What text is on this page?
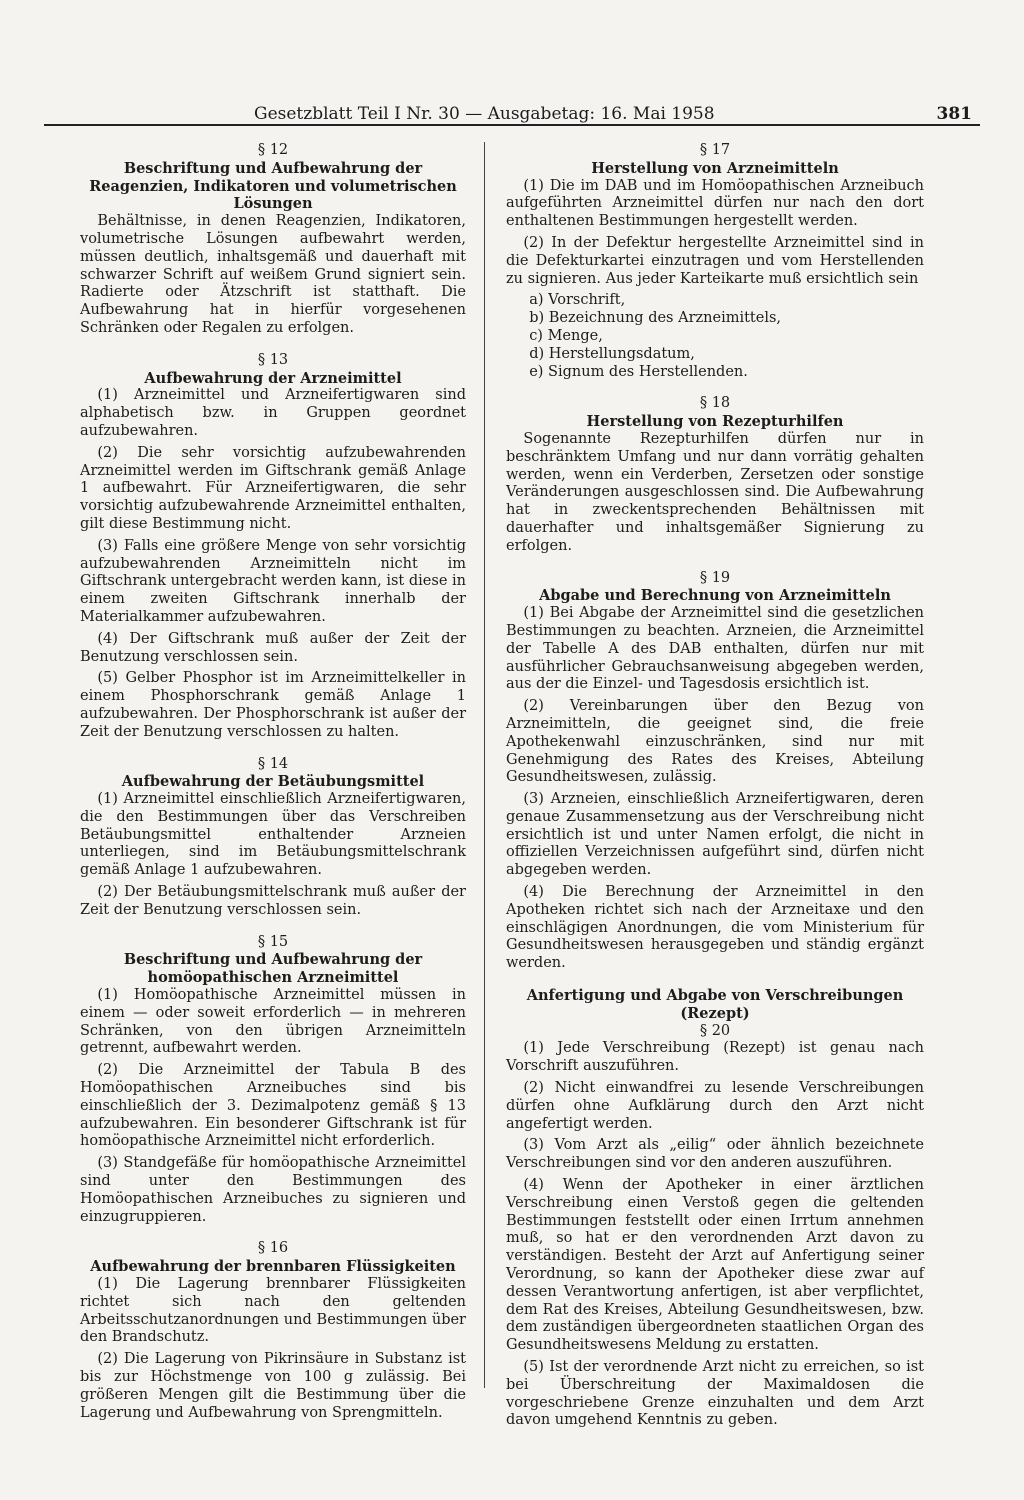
Gesetzblatt Teil I Nr. 30 — Ausgabetag: 16. Mai 1958	381

§ 12

Beschriftung und Aufbewahrung der Reagenzien, Indikatoren und volumetrischen Lösungen

Behältnisse, in denen Reagenzien, Indikatoren, volumetrische Lösungen aufbewahrt werden, müssen deutlich, inhaltsgemäß und dauerhaft mit schwarzer Schrift auf weißem Grund signiert sein. Radierte oder Ätzschrift ist statthaft. Die Aufbewahrung hat in hierfür vorgesehenen Schränken oder Regalen zu erfolgen.

§ 13

Aufbewahrung der Arzneimittel

(1) Arzneimittel und Arzneifertigwaren sind alphabetisch bzw. in Gruppen geordnet aufzubewahren.

(2) Die sehr vorsichtig aufzubewahrenden Arzneimittel werden im Giftschrank gemäß Anlage 1 aufbewahrt. Für Arzneifertigwaren, die sehr vorsichtig aufzubewahrende Arzneimittel enthalten, gilt diese Bestimmung nicht.

(3) Falls eine größere Menge von sehr vorsichtig aufzubewahrenden Arzneimitteln nicht im Giftschrank untergebracht werden kann, ist diese in einem zweiten Giftschrank innerhalb der Materialkammer aufzubewahren.

(4) Der Giftschrank muß außer der Zeit der Benutzung verschlossen sein.

(5) Gelber Phosphor ist im Arzneimittelkeller in einem Phosphorschrank gemäß Anlage 1 aufzubewahren. Der Phosphorschrank ist außer der Zeit der Benutzung verschlossen zu halten.

§ 14

Aufbewahrung der Betäubungsmittel

(1) Arzneimittel einschließlich Arzneifertigwaren, die den Bestimmungen über das Verschreiben Betäubungsmittel enthaltender Arzneien unterliegen, sind im Betäubungsmittelschrank gemäß Anlage 1 aufzubewahren.

(2) Der Betäubungsmittelschrank muß außer der Zeit der Benutzung verschlossen sein.

§ 15

Beschriftung und Aufbewahrung der homöopathischen Arzneimittel

(1) Homöopathische Arzneimittel müssen in einem — oder soweit erforderlich — in mehreren Schränken, von den übrigen Arzneimitteln getrennt, aufbewahrt werden.

(2) Die Arzneimittel der Tabula B des Homöopathischen Arzneibuches sind bis einschließlich der 3. Dezimalpotenz gemäß § 13 aufzubewahren. Ein besonderer Giftschrank ist für homöopathische Arzneimittel nicht erforderlich.

(3) Standgefäße für homöopathische Arzneimittel sind unter den Bestimmungen des Homöopathischen Arzneibuches zu signieren und einzugruppieren.

§ 16

Aufbewahrung der brennbaren Flüssigkeiten

(1) Die Lagerung brennbarer Flüssigkeiten richtet sich nach den geltenden Arbeitsschutzanordnungen und Bestimmungen über den Brandschutz.

(2) Die Lagerung von Pikrinsäure in Substanz ist bis zur Höchstmenge von 100 g zulässig. Bei größeren Mengen gilt die Bestimmung über die Lagerung und Aufbewahrung von Sprengmitteln.

§ 17

Herstellung von Arzneimitteln

(1) Die im DAB und im Homöopathischen Arzneibuch aufgeführten Arzneimittel dürfen nur nach den dort enthaltenen Bestimmungen hergestellt werden.

(2) In der Defektur hergestellte Arzneimittel sind in die Defekturkartei einzutragen und vom Herstellenden zu signieren. Aus jeder Karteikarte muß ersichtlich sein

a) Vorschrift,
b) Bezeichnung des Arzneimittels,
c) Menge,
d) Herstellungsdatum,
e) Signum des Herstellenden.

§ 18

Herstellung von Rezepturhilfen

Sogenannte Rezepturhilfen dürfen nur in beschränktem Umfang und nur dann vorrätig gehalten werden, wenn ein Verderben, Zersetzen oder sonstige Veränderungen ausgeschlossen sind. Die Aufbewahrung hat in zweckentsprechenden Behältnissen mit dauerhafter und inhaltsgemäßer Signierung zu erfolgen.

§ 19

Abgabe und Berechnung von Arzneimitteln

(1) Bei Abgabe der Arzneimittel sind die gesetzlichen Bestimmungen zu beachten. Arzneien, die Arzneimittel der Tabelle A des DAB enthalten, dürfen nur mit ausführlicher Gebrauchsanweisung abgegeben werden, aus der die Einzel- und Tagesdosis ersichtlich ist.

(2) Vereinbarungen über den Bezug von Arzneimitteln, die geeignet sind, die freie Apothekenwahl einzuschränken, sind nur mit Genehmigung des Rates des Kreises, Abteilung Gesundheitswesen, zulässig.

(3) Arzneien, einschließlich Arzneifertigwaren, deren genaue Zusammensetzung aus der Verschreibung nicht ersichtlich ist und unter Namen erfolgt, die nicht in offiziellen Verzeichnissen aufgeführt sind, dürfen nicht abgegeben werden.

(4) Die Berechnung der Arzneimittel in den Apotheken richtet sich nach der Arzneitaxe und den einschlägigen Anordnungen, die vom Ministerium für Gesundheitswesen herausgegeben und ständig ergänzt werden.

Anfertigung und Abgabe von Verschreibungen (Rezept)

§ 20

(1) Jede Verschreibung (Rezept) ist genau nach Vorschrift auszuführen.

(2) Nicht einwandfrei zu lesende Verschreibungen dürfen ohne Aufklärung durch den Arzt nicht angefertigt werden.

(3) Vom Arzt als „eilig“ oder ähnlich bezeichnete Verschreibungen sind vor den anderen auszuführen.

(4) Wenn der Apotheker in einer ärztlichen Verschreibung einen Verstoß gegen die geltenden Bestimmungen feststellt oder einen Irrtum annehmen muß, so hat er den verordnenden Arzt davon zu verständigen. Besteht der Arzt auf Anfertigung seiner Verordnung, so kann der Apotheker diese zwar auf dessen Verantwortung anfertigen, ist aber verpflichtet, dem Rat des Kreises, Abteilung Gesundheitswesen, bzw. dem zuständigen übergeordneten staatlichen Organ des Gesundheitswesens Meldung zu erstatten.

(5) Ist der verordnende Arzt nicht zu erreichen, so ist bei Überschreitung der Maximaldosen die vorgeschriebene Grenze einzuhalten und dem Arzt davon umgehend Kenntnis zu geben.
